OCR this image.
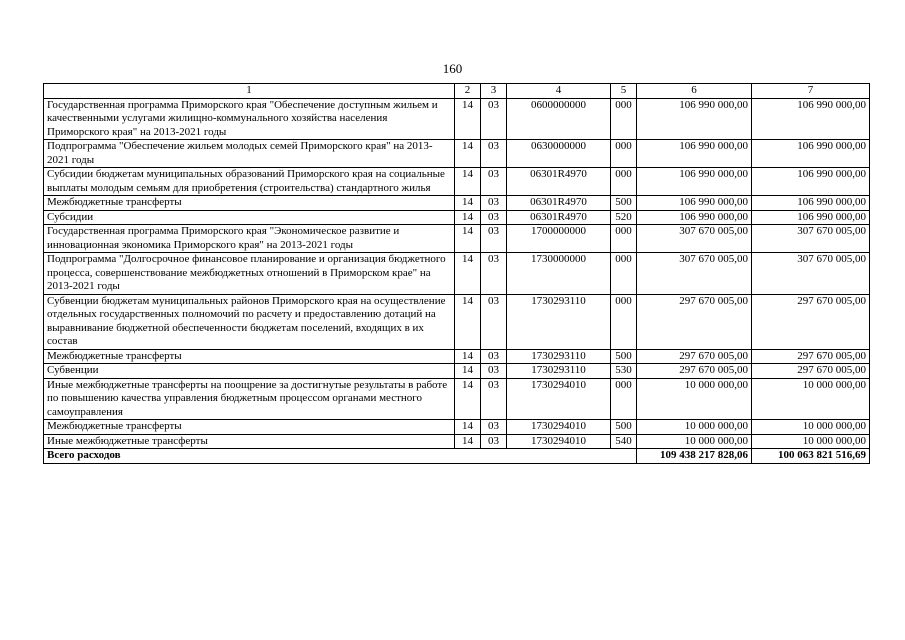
160
1	2	3	4	5	6	7
Государственная программа Приморского края "Обеспечение доступным жильем и качественными услугами жилищно-коммунального хозяйства населения Приморского края" на 2013-2021 годы	14	03	0600000000	000	106 990 000,00	106 990 000,00
Подпрограмма "Обеспечение жильем молодых семей Приморского края" на 2013-2021 годы	14	03	0630000000	000	106 990 000,00	106 990 000,00
Субсидии бюджетам муниципальных образований Приморского края на социальные выплаты молодым семьям для приобретения (строительства) стандартного жилья	14	03	06301R4970	000	106 990 000,00	106 990 000,00
Межбюджетные трансферты	14	03	06301R4970	500	106 990 000,00	106 990 000,00
Субсидии	14	03	06301R4970	520	106 990 000,00	106 990 000,00
Государственная программа Приморского края "Экономическое развитие и инновационная экономика Приморского края" на 2013-2021 годы	14	03	1700000000	000	307 670 005,00	307 670 005,00
Подпрограмма "Долгосрочное финансовое планирование и организация бюджетного процесса, совершенствование межбюджетных отношений в Приморском крае" на 2013-2021 годы	14	03	1730000000	000	307 670 005,00	307 670 005,00
Субвенции бюджетам муниципальных районов Приморского края на осуществление отдельных государственных полномочий по расчету и предоставлению дотаций на выравнивание бюджетной обеспеченности бюджетам поселений, входящих в их состав	14	03	1730293110	000	297 670 005,00	297 670 005,00
Межбюджетные трансферты	14	03	1730293110	500	297 670 005,00	297 670 005,00
Субвенции	14	03	1730293110	530	297 670 005,00	297 670 005,00
Иные межбюджетные трансферты на поощрение за достигнутые результаты в работе по повышению качества управления бюджетным процессом органами местного самоуправления	14	03	1730294010	000	10 000 000,00	10 000 000,00
Межбюджетные трансферты	14	03	1730294010	500	10 000 000,00	10 000 000,00
Иные межбюджетные трансферты	14	03	1730294010	540	10 000 000,00	10 000 000,00
Всего расходов					109 438 217 828,06	100 063 821 516,69
